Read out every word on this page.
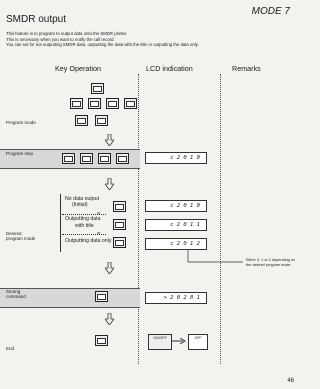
MODE 7
SMDR output
This feature is to program to output data onto the SMDR printer.
This is necessary when you want to notify the call record.
You can set for not outputting SMDR data, outputting the data with the title or outputting the data only.
Key Operation	LCD indication	Remarks
Program mode
Program step
c 2 0 1 0
No data output
(Initial)
or
Outputting data
with title
or
Outputting data only
Desired program mode
c 2 0 1 0
c 2 0 1 1
c 2 0 1 2
Either 0, 1 or 2 depending on the desired program mode
Storing command	> 2 0 2 8 1
End
ON/OFF	OFF
46
